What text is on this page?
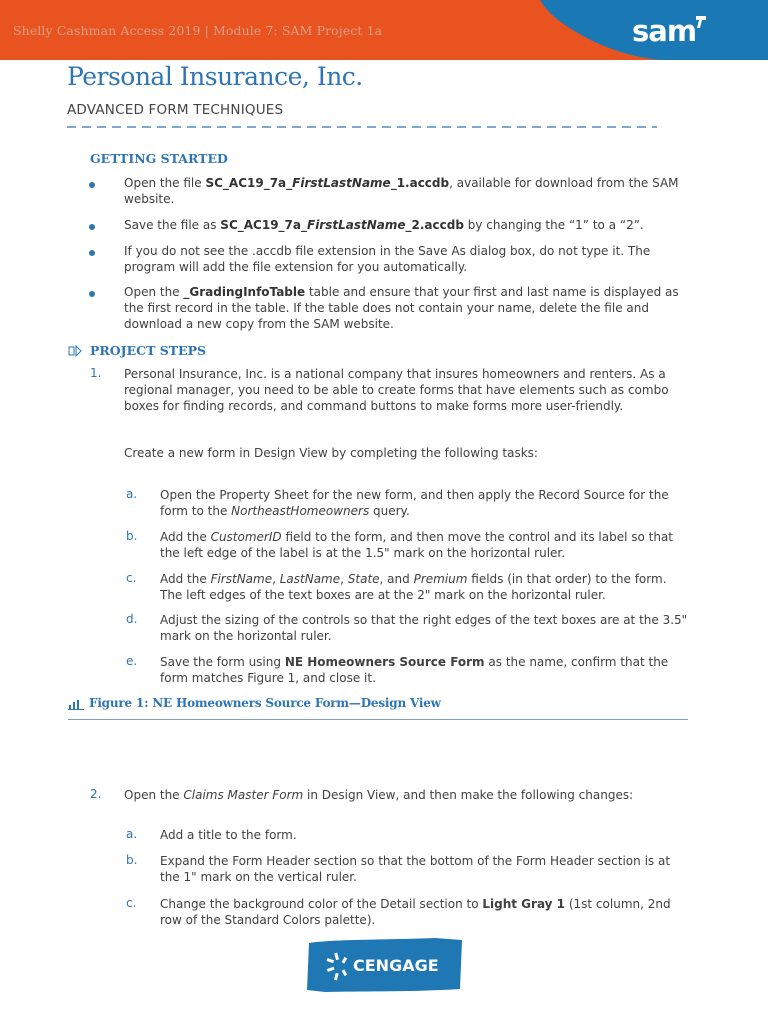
Shelly Cashman Access 2019 | Module 7: SAM Project 1a	sam
Personal Insurance, Inc.
ADVANCED FORM TECHNIQUES
GETTING STARTED
Open the file SC_AC19_7a_FirstLastName_1.accdb, available for download from the SAM website.
Save the file as SC_AC19_7a_FirstLastName_2.accdb by changing the “1” to a “2”.
If you do not see the .accdb file extension in the Save As dialog box, do not type it. The program will add the file extension for you automatically.
Open the _GradingInfoTable table and ensure that your first and last name is displayed as the first record in the table. If the table does not contain your name, delete the file and download a new copy from the SAM website.
PROJECT STEPS
1. Personal Insurance, Inc. is a national company that insures homeowners and renters. As a regional manager, you need to be able to create forms that have elements such as combo boxes for finding records, and command buttons to make forms more user-friendly.
Create a new form in Design View by completing the following tasks:
a. Open the Property Sheet for the new form, and then apply the Record Source for the form to the NortheastHomeowners query.
b. Add the CustomerID field to the form, and then move the control and its label so that the left edge of the label is at the 1.5" mark on the horizontal ruler.
c. Add the FirstName, LastName, State, and Premium fields (in that order) to the form. The left edges of the text boxes are at the 2" mark on the horizontal ruler.
d. Adjust the sizing of the controls so that the right edges of the text boxes are at the 3.5" mark on the horizontal ruler.
e. Save the form using NE Homeowners Source Form as the name, confirm that the form matches Figure 1, and close it.
Figure 1: NE Homeowners Source Form—Design View
2. Open the Claims Master Form in Design View, and then make the following changes:
a. Add a title to the form.
b. Expand the Form Header section so that the bottom of the Form Header section is at the 1" mark on the vertical ruler.
c. Change the background color of the Detail section to Light Gray 1 (1st column, 2nd row of the Standard Colors palette).
CENGAGE
